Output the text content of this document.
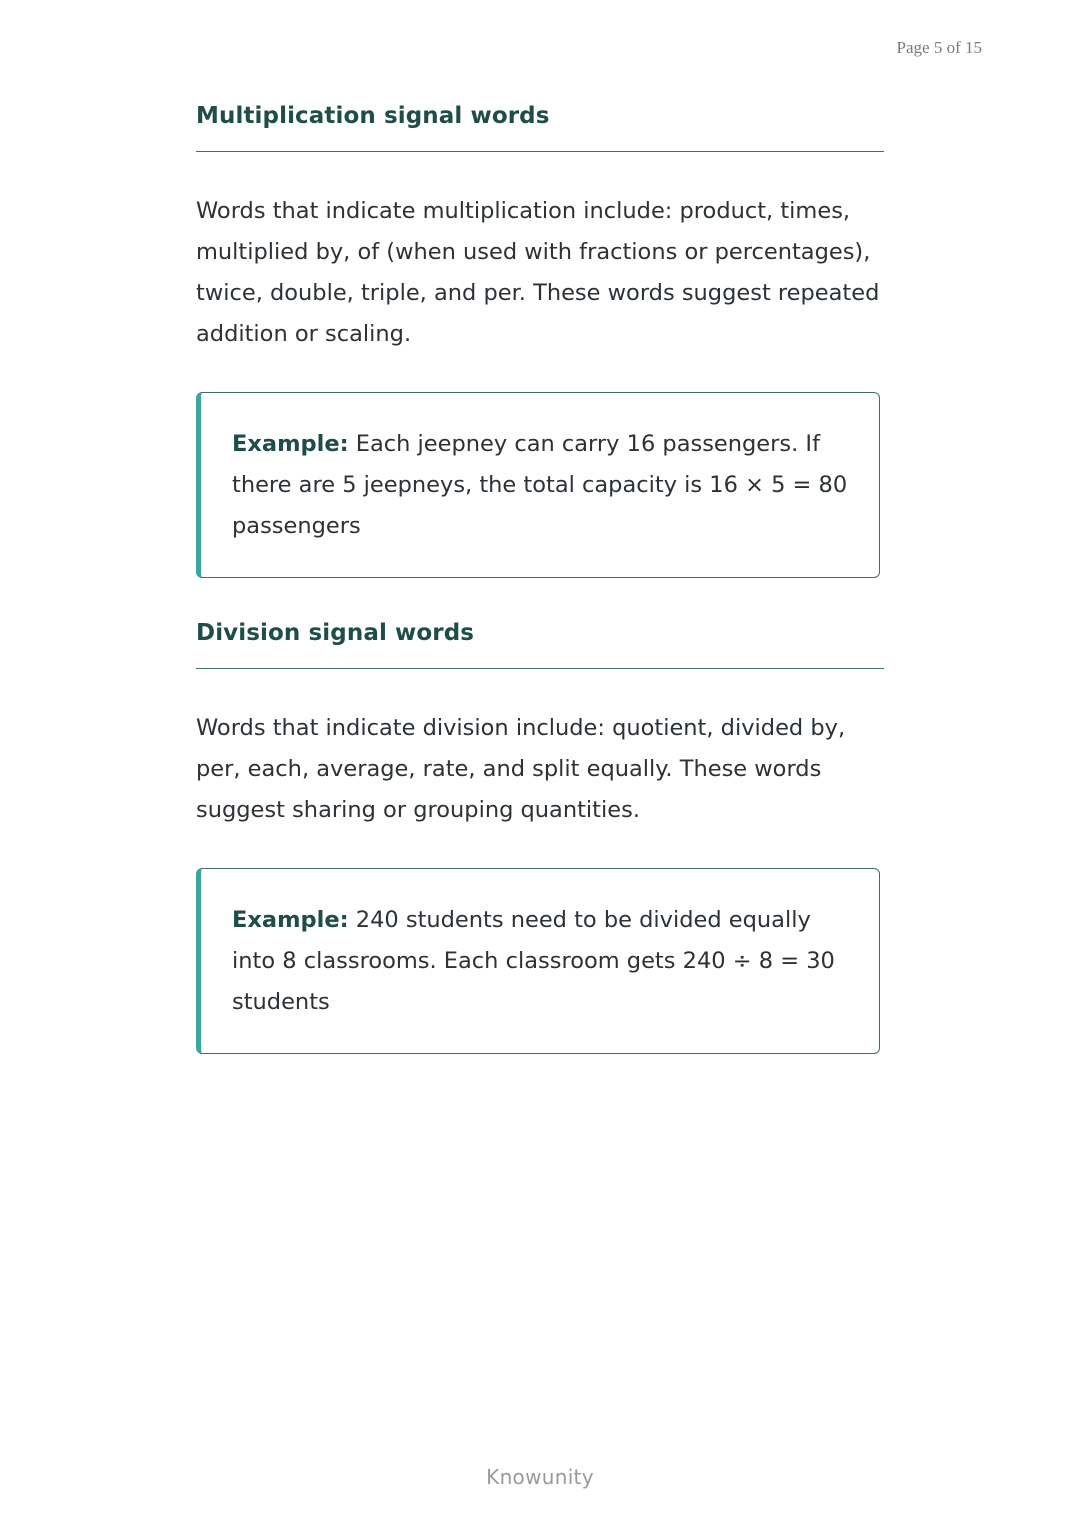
Page 5 of 15
Multiplication signal words

Words that indicate multiplication include: product, times, multiplied by, of (when used with fractions or percentages), twice, double, triple, and per. These words suggest repeated addition or scaling.

Example: Each jeepney can carry 16 passengers. If there are 5 jeepneys, the total capacity is 16 × 5 = 80 passengers

Division signal words

Words that indicate division include: quotient, divided by, per, each, average, rate, and split equally. These words suggest sharing or grouping quantities.

Example: 240 students need to be divided equally into 8 classrooms. Each classroom gets 240 ÷ 8 = 30 students

Knowunity
